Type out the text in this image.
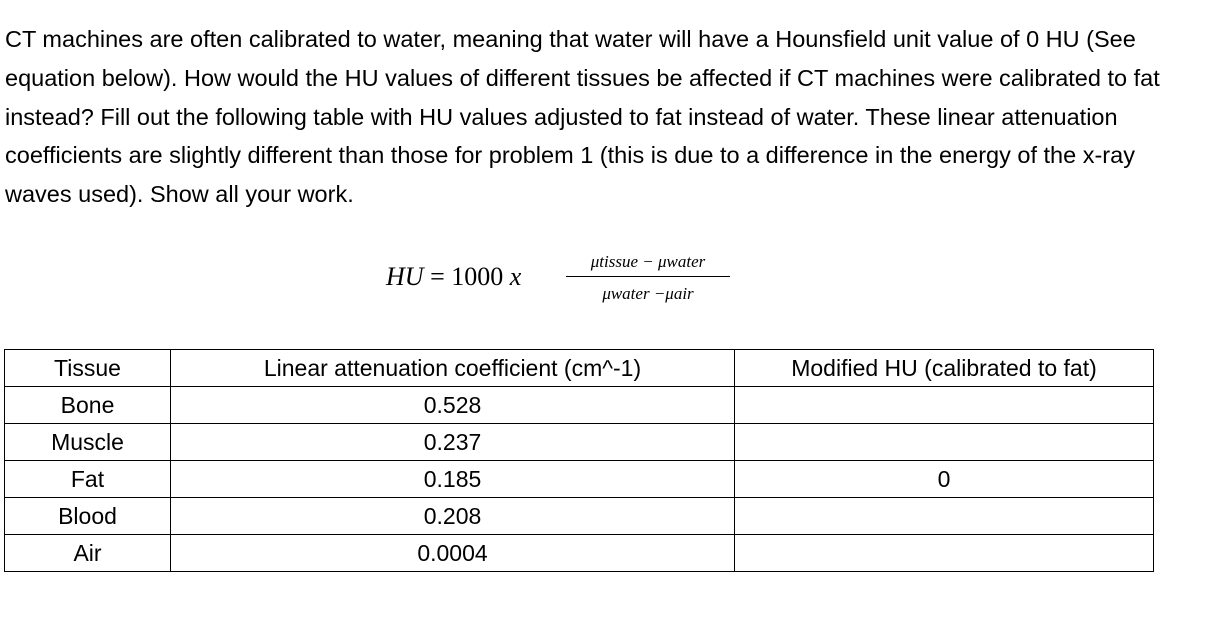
CT machines are often calibrated to water, meaning that water will have a Hounsfield unit value of 0 HU (See equation below). How would the HU values of different tissues be affected if CT machines were calibrated to fat instead? Fill out the following table with HU values adjusted to fat instead of water. These linear attenuation coefficients are slightly different than those for problem 1 (this is due to a difference in the energy of the x-ray waves used). Show all your work.

HU = 1000 x
μtissue − μwater
μwater −μair
Tissue	Linear attenuation coefficient (cm^-1)	Modified HU (calibrated to fat)
Bone	0.528	
Muscle	0.237	
Fat	0.185	0
Blood	0.208	
Air	0.0004	
